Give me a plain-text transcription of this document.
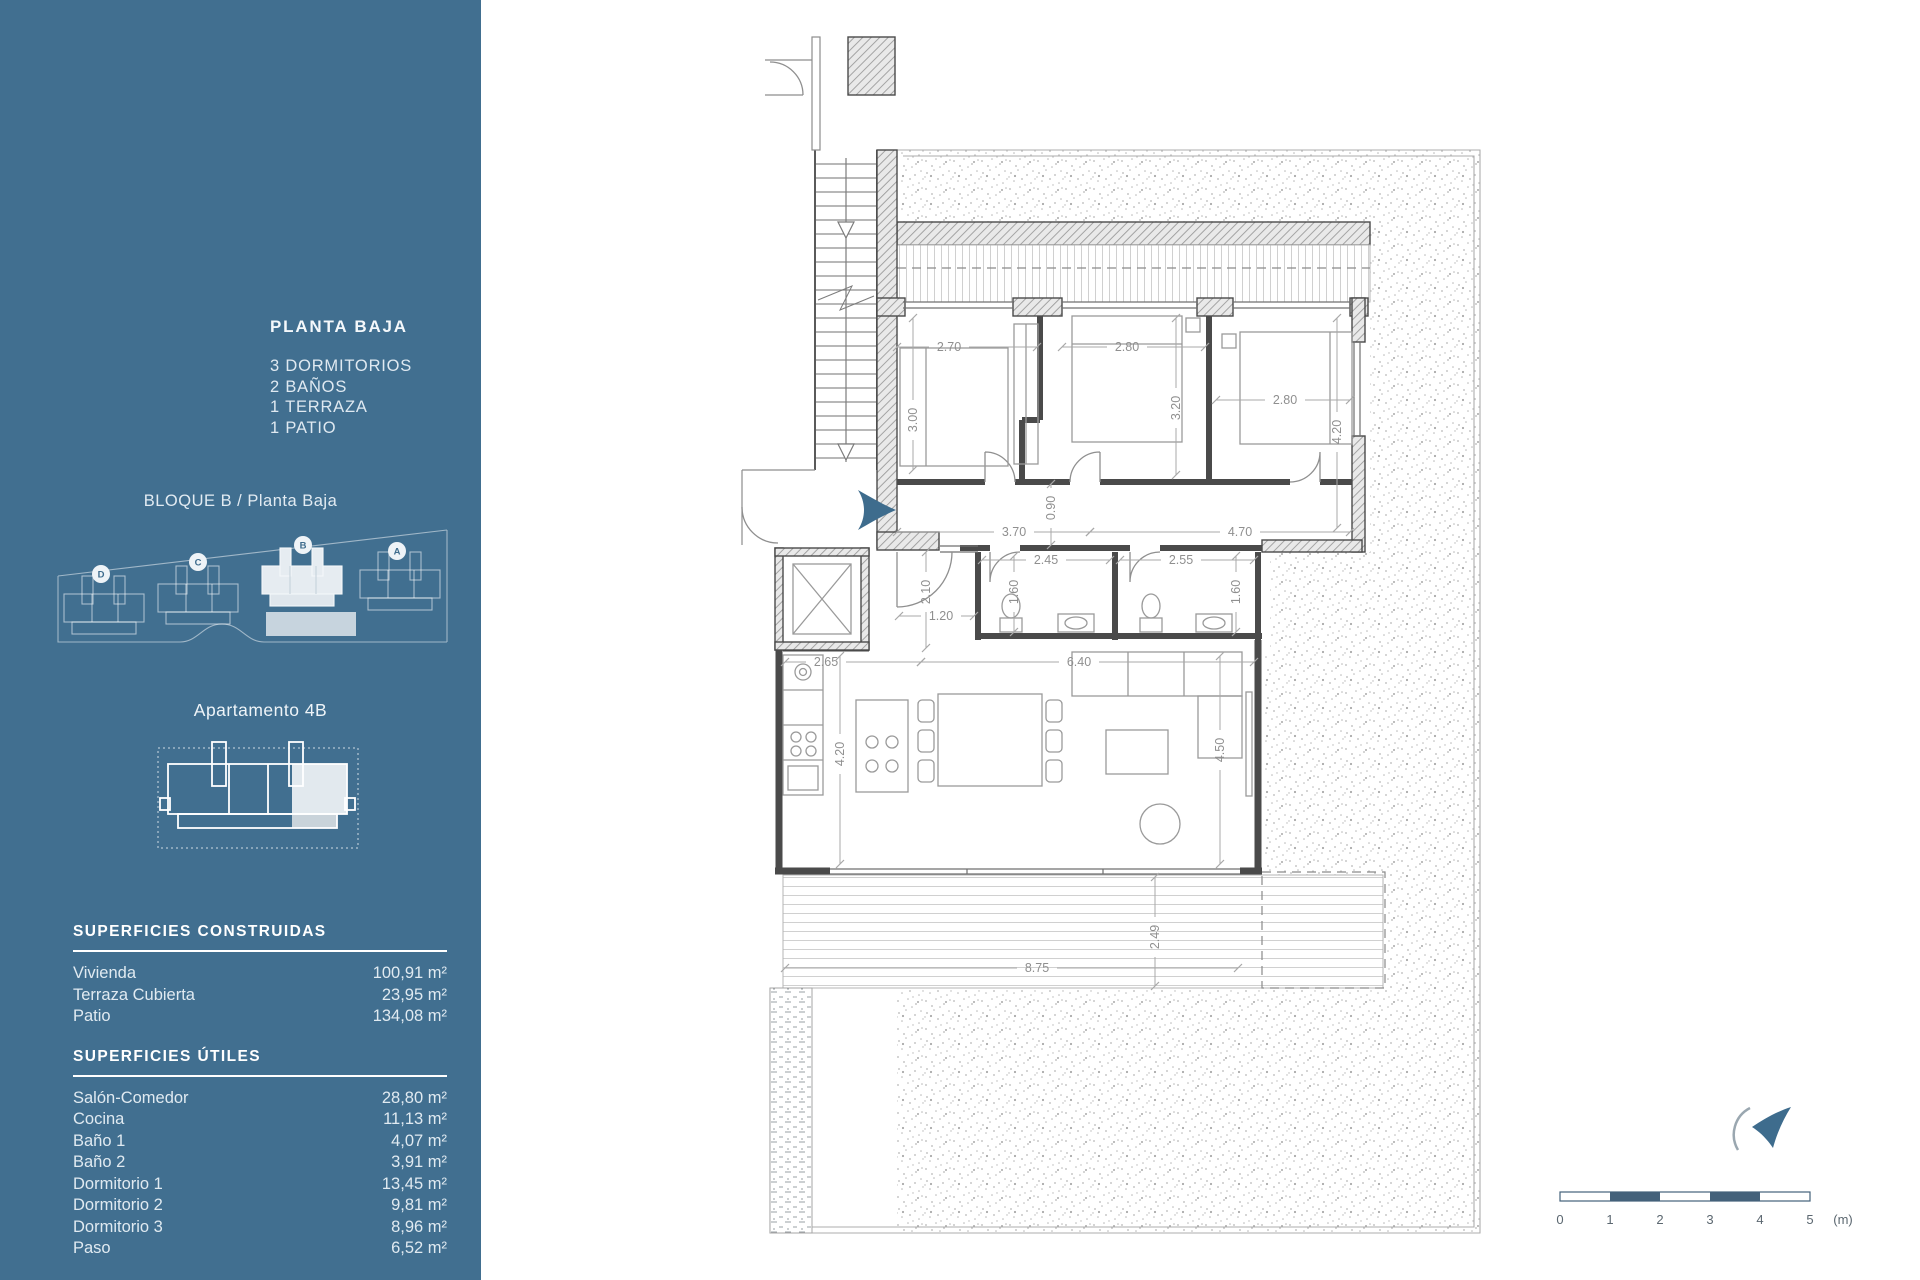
PLANTA BAJA
3 DORMITORIOS
2 BAÑOS
1 TERRAZA
1 PATIO
BLOQUE B / Planta Baja
D
C
B
A
Apartamento 4B
SUPERFICIES CONSTRUIDAS
Vivienda	100,91 m²
Terraza Cubierta	23,95 m²
Patio	134,08 m²
SUPERFICIES ÚTILES
Salón-Comedor	28,80 m²
Cocina	11,13 m²
Baño 1	4,07 m²
Baño 2	3,91 m²
Dormitorio 1	13,45 m²
Dormitorio 2	9,81 m²
Dormitorio 3	8,96 m²
Paso	6,52 m²
2.70
3.00
2.80
3.20	2.80
4.20
3.70
0.90
4.70
2.45
1.60
2.55
1.60
2.10
1.20
2.65	6.40
4.20	4.50
8.75
2.49
0	1	2	3	4	5 (m)
